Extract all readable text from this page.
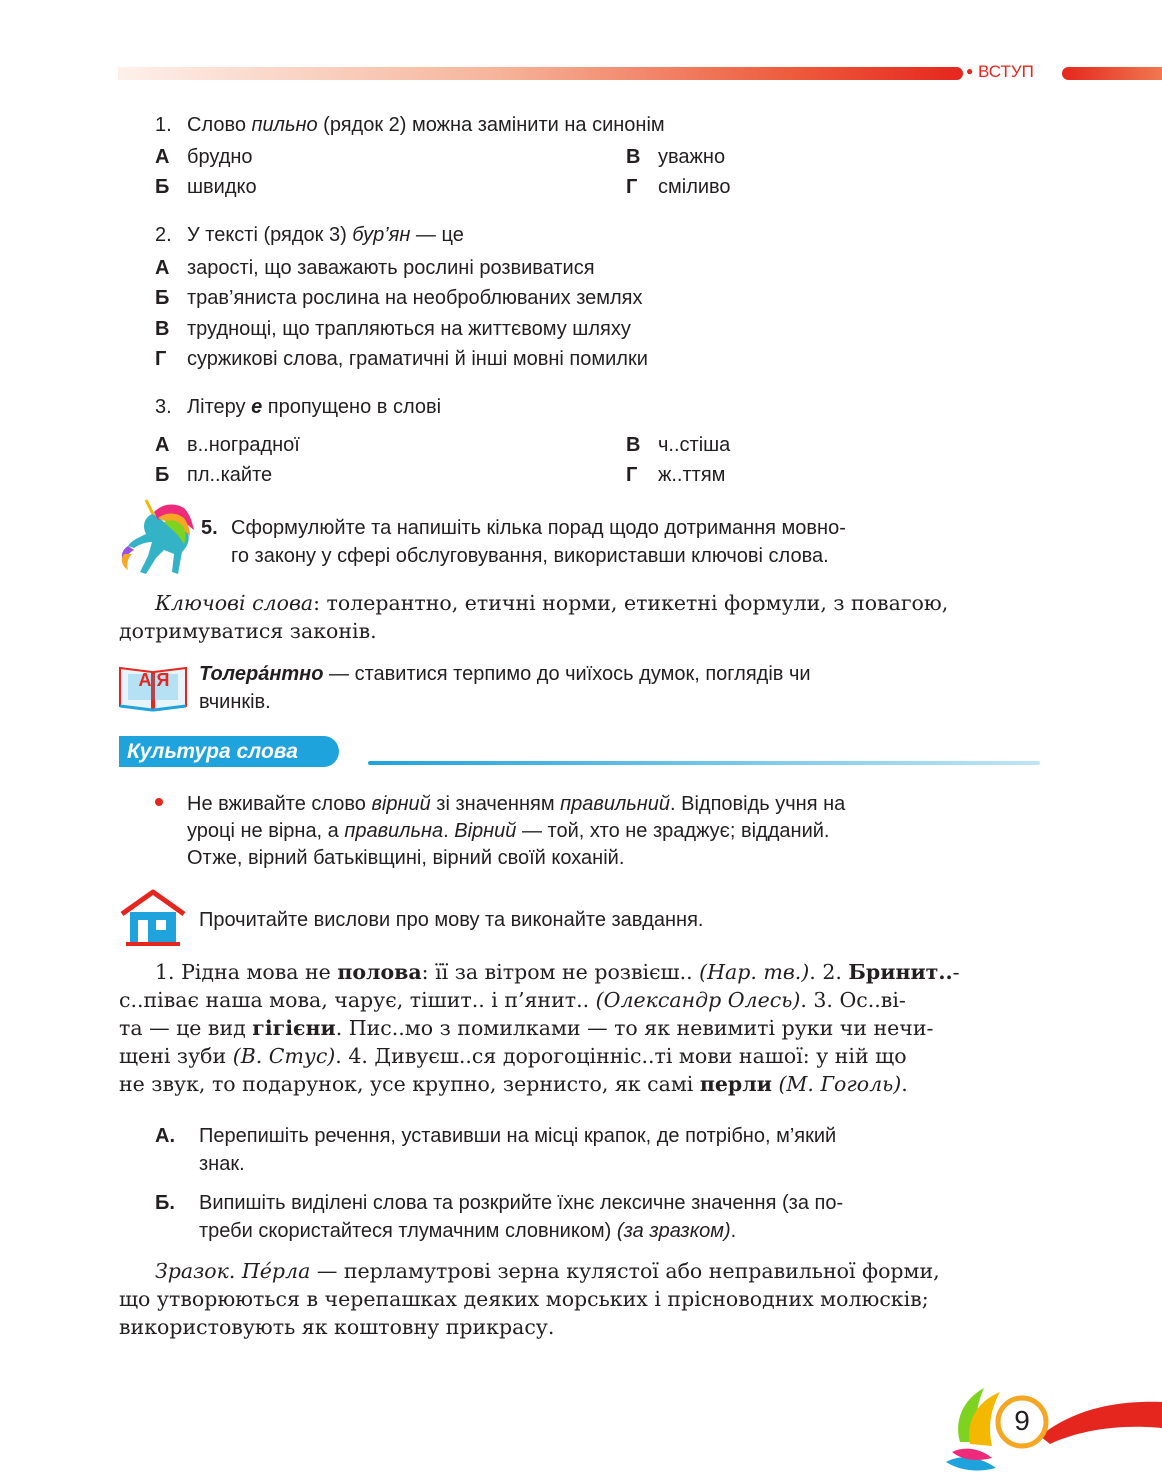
● ВСТУП
1. Слово пильно (рядок 2) можна замінити на синонім
А брудно
Б швидко
В уважно
Г сміливо
2. У тексті (рядок 3) бур’ян — це
А зарості, що заважають рослині розвиватися
Б трав’яниста рослина на необроблюваних землях
В труднощі, що трапляються на життєвому шляху
Г суржикові слова, граматичні й інші мовні помилки
3. Літеру е пропущено в слові
А в..ноградної
Б пл..кайте
В ч..стіша
Г ж..ттям
5. Сформулюйте та напишіть кілька порад щодо дотримання мовно-
го закону у сфері обслуговування, використавши ключові слова.
Ключові слова: толерантно, етичні норми, етикетні формули, з повагою,
дотримуватися законів.
А Я	Толера́нтно — ставитися терпимо до чиїхось думок, поглядів чи
вчинків.
Культура слова
Не вживайте слово вірний зі значенням правильний. Відповідь учня на
уроці не вірна, а правильна. Вірний — той, хто не зраджує; відданий.
Отже, вірний батьківщині, вірний своїй коханій.
Прочитайте вислови про мову та виконайте завдання.
1. Рідна мова не полова: її за вітром не розвієш.. (Нар. тв.). 2. Бринит..-
с..піває наша мова, чарує, тішит.. і п’янит.. (Олександр Олесь). 3. Ос..ві-
та — це вид гігієни. Пис..мо з помилками — то як невимиті руки чи нечи-
щені зуби (В. Стус). 4. Дивуєш..ся дорогоцінніс..ті мови нашої: у ній що
не звук, то подарунок, усе крупно, зернисто, як самі перли (М. Гоголь).
А. Перепишіть речення, уставивши на місці крапок, де потрібно, м’який
знак.
Б. Випишіть виділені слова та розкрийте їхнє лексичне значення (за по-
треби скористайтеся тлумачним словником) (за зразком).
Зразок. Пе́рла — перламутрові зерна кулястої або неправильної форми,
що утворюються в черепашках деяких морських і прісноводних молюсків;
використовують як коштовну прикрасу.
9
